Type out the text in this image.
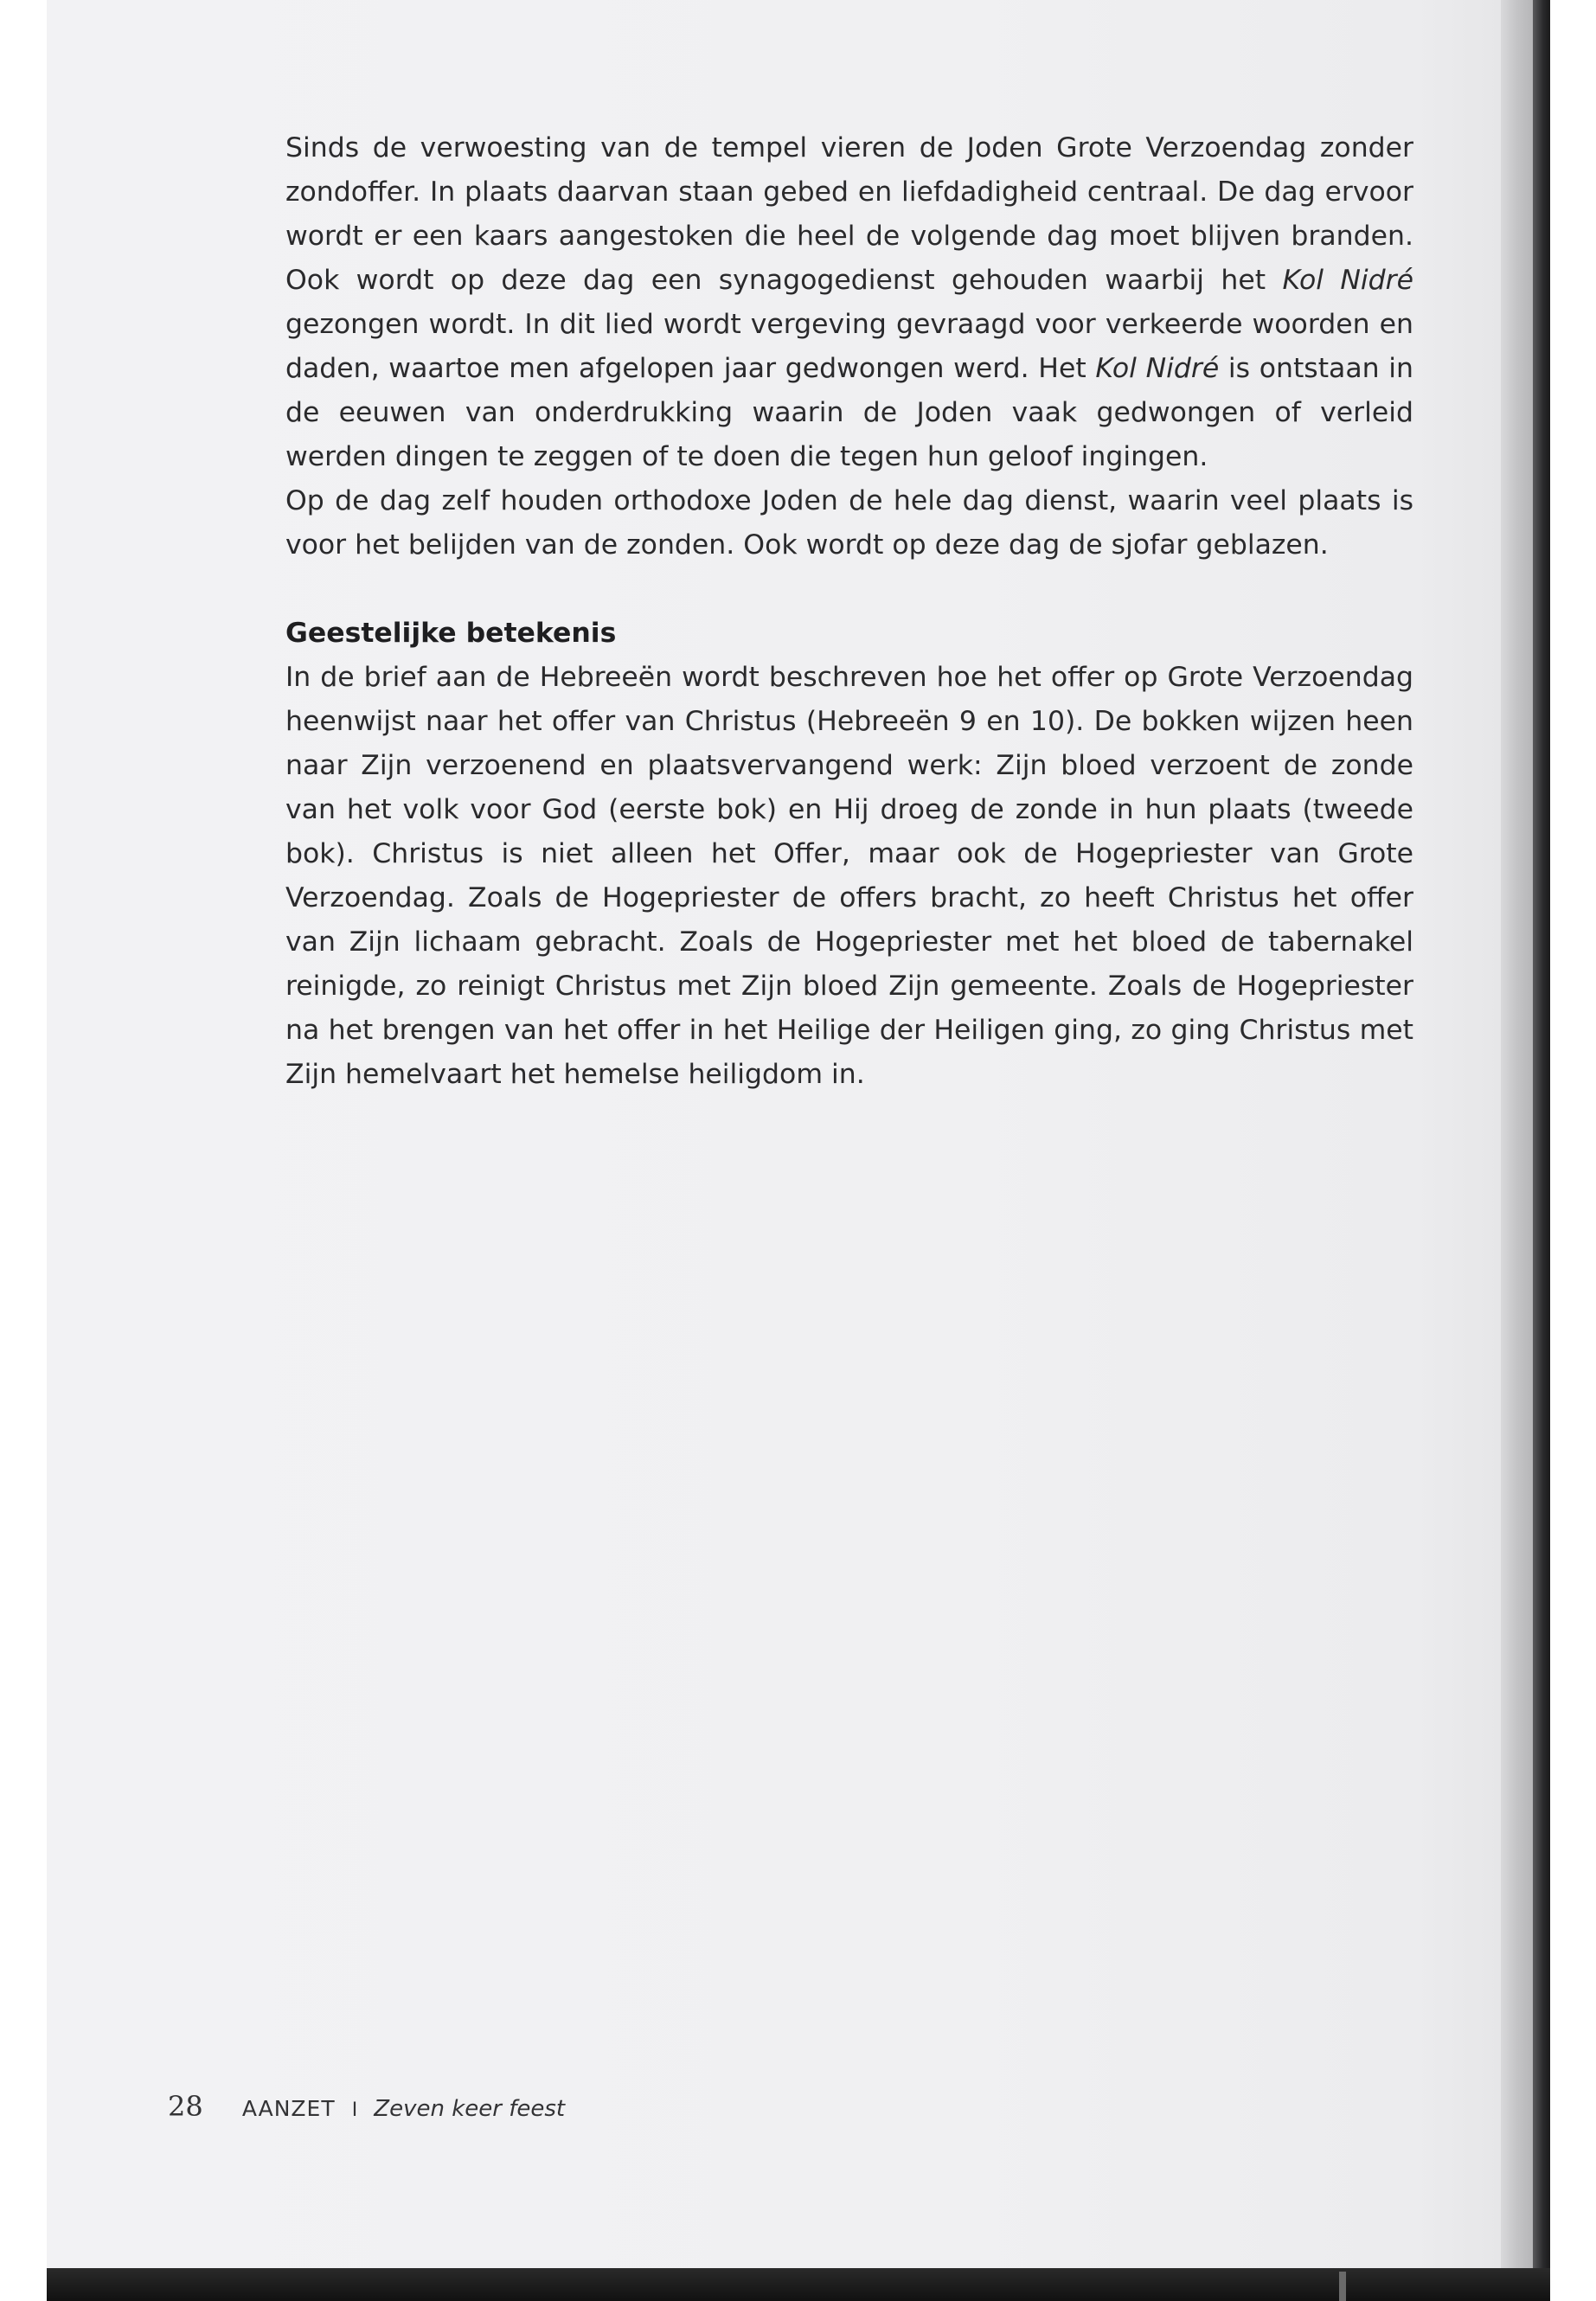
Sinds de verwoesting van de tempel vieren de Joden Grote Verzoendag zonder zondoffer. In plaats daarvan staan gebed en liefdadigheid centraal. De dag ervoor wordt er een kaars aangestoken die heel de volgende dag moet blijven branden. Ook wordt op deze dag een synagogedienst gehouden waarbij het Kol Nidré gezongen wordt. In dit lied wordt vergeving gevraagd voor verkeerde woorden en daden, waartoe men afgelopen jaar gedwongen werd. Het Kol Nidré is ontstaan in de eeuwen van onderdrukking waarin de Joden vaak gedwongen of verleid werden dingen te zeggen of te doen die tegen hun geloof ingingen.

Op de dag zelf houden orthodoxe Joden de hele dag dienst, waarin veel plaats is voor het belijden van de zonden. Ook wordt op deze dag de sjofar geblazen.

Geestelijke betekenis

In de brief aan de Hebreeën wordt beschreven hoe het offer op Grote Verzoendag heenwijst naar het offer van Christus (Hebreeën 9 en 10). De bokken wijzen heen naar Zijn verzoenend en plaatsvervangend werk: Zijn bloed verzoent de zonde van het volk voor God (eerste bok) en Hij droeg de zonde in hun plaats (tweede bok). Christus is niet alleen het Offer, maar ook de Hogepriester van Grote Verzoendag. Zoals de Hogepriester de offers bracht, zo heeft Christus het offer van Zijn lichaam gebracht. Zoals de Hogepriester met het bloed de tabernakel reinigde, zo reinigt Christus met Zijn bloed Zijn gemeente. Zoals de Hogepriester na het brengen van het offer in het Heilige der Heiligen ging, zo ging Christus met Zijn hemelvaart het hemelse heiligdom in.

28 AANZET I Zeven keer feest
